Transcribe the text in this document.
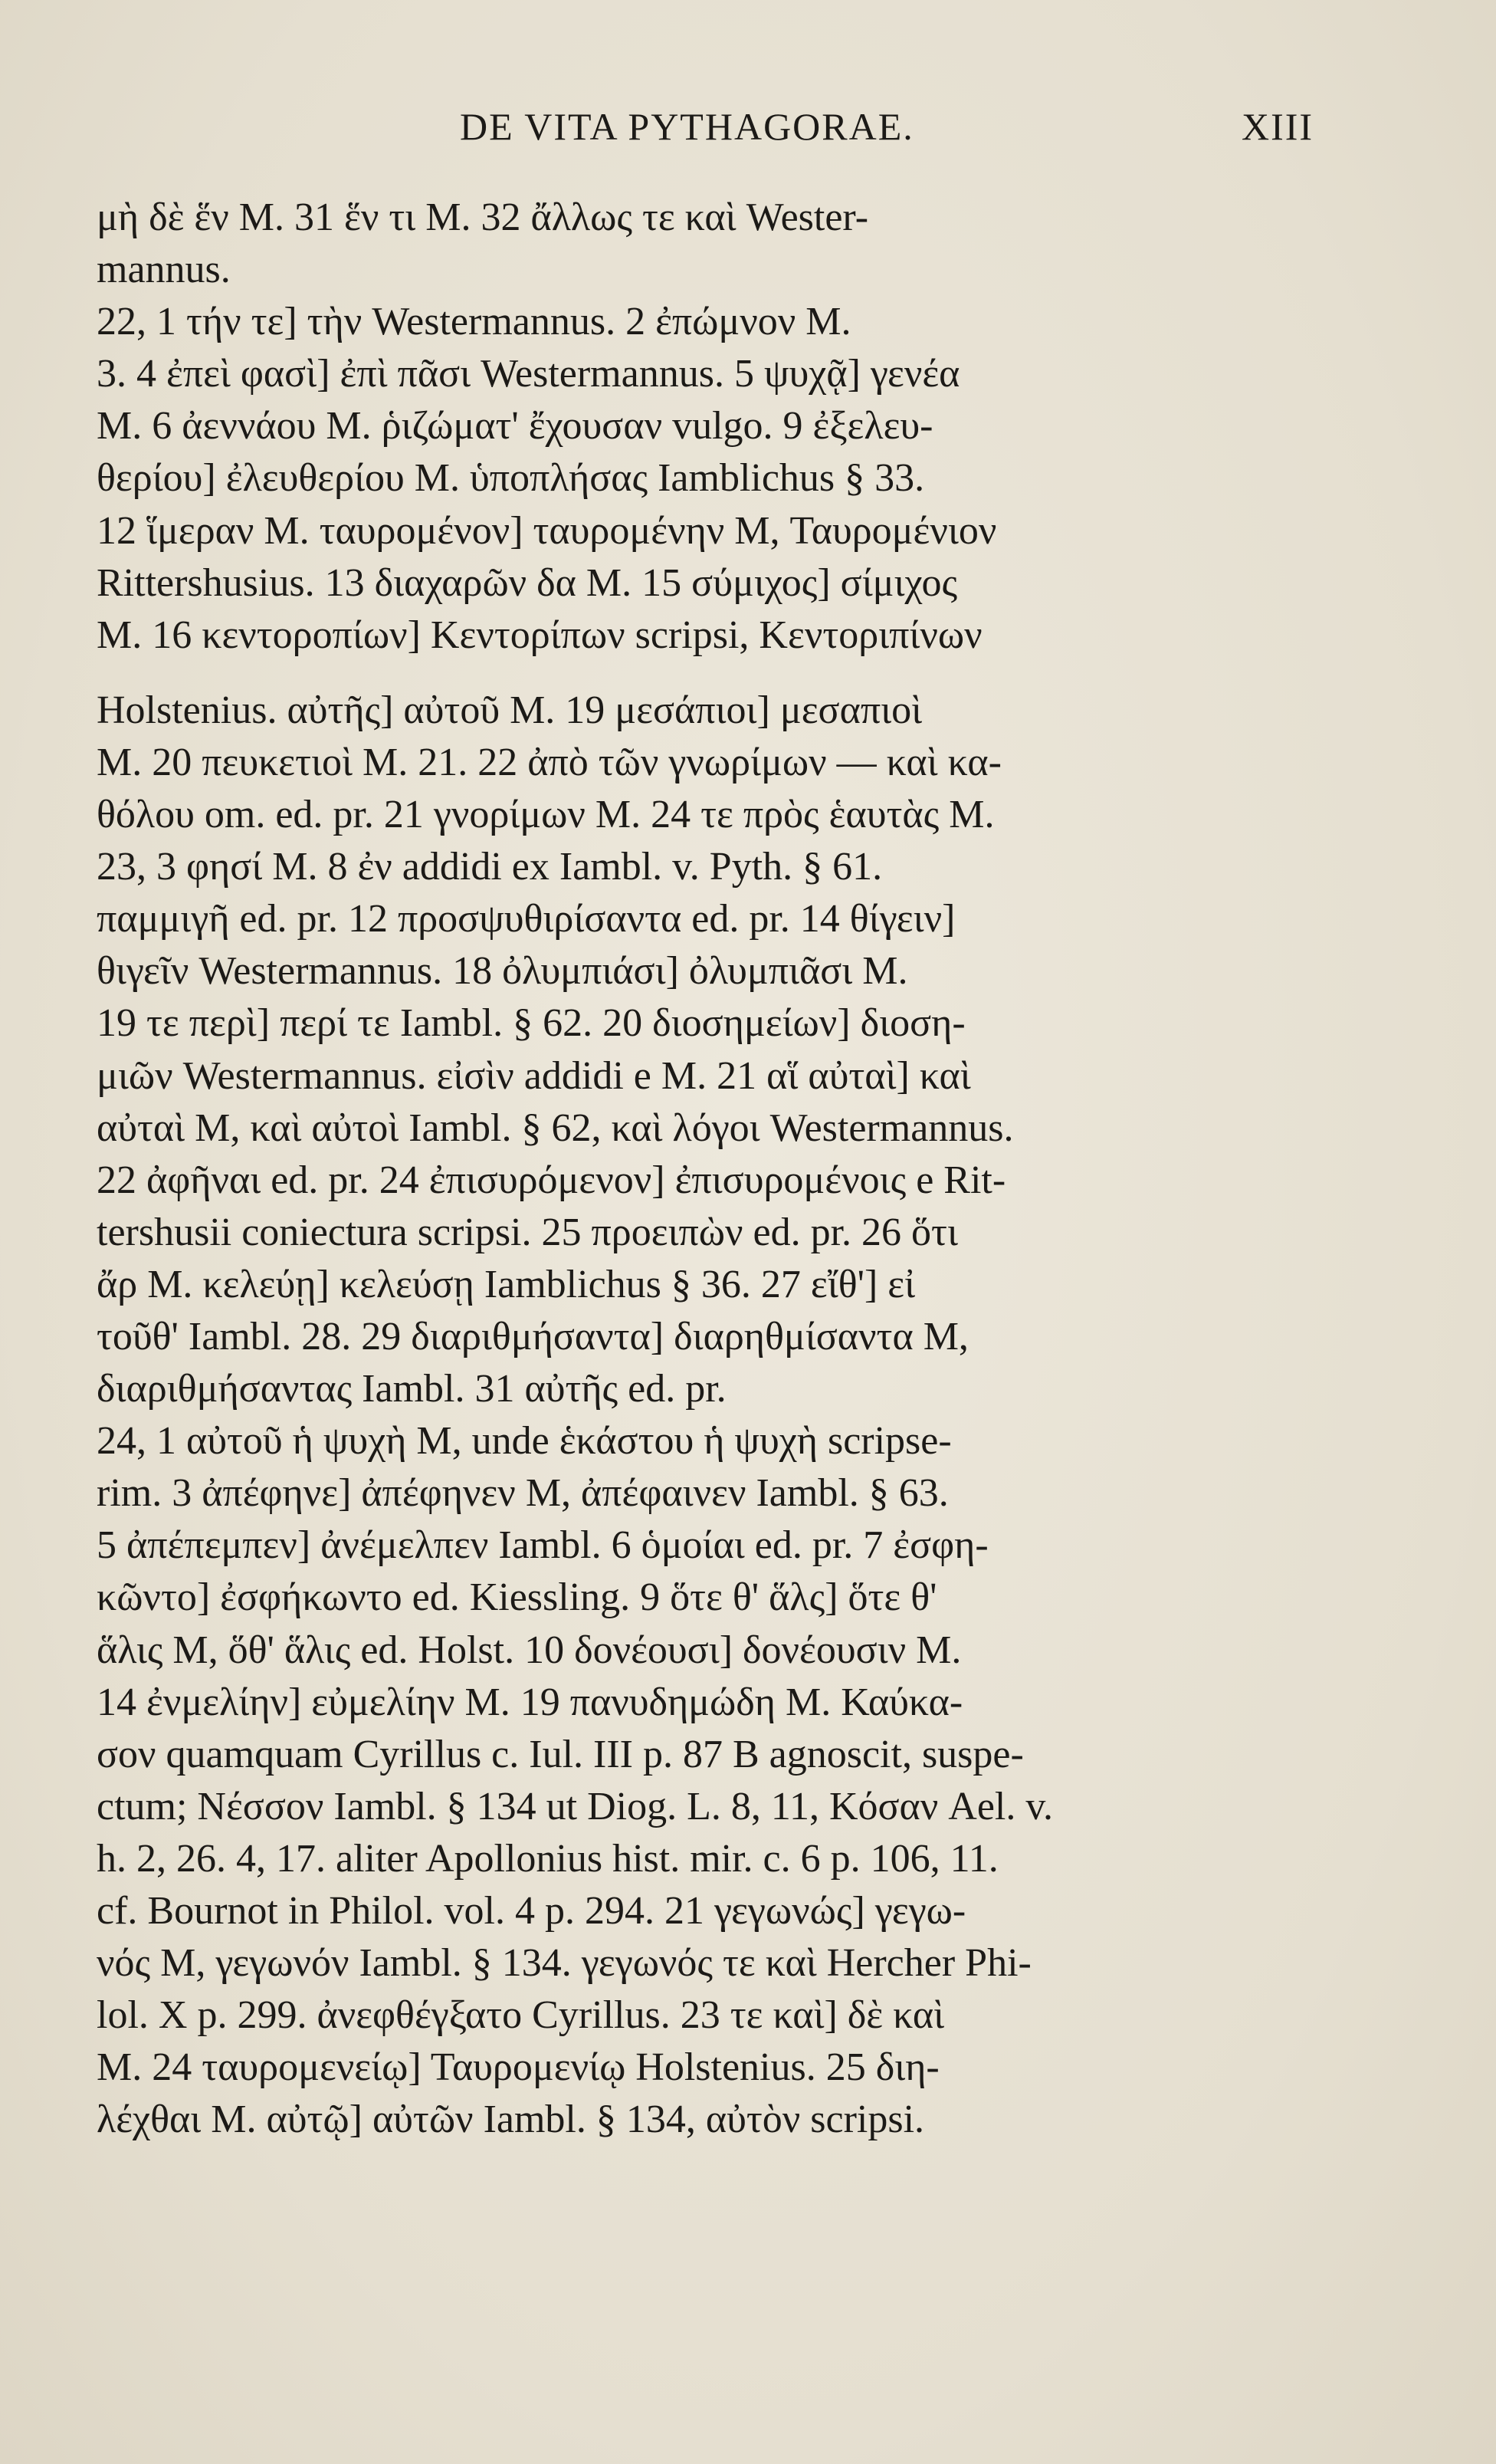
DE VITA PYTHAGORAE.	XIII
μὴ δὲ ἕν M. 31 ἕν τι M. 32 ἄλλως τε καὶ Wester-
mannus.
22, 1 τήν τε] τὴν Westermannus. 2 ἐπώμνον M.
3. 4 ἐπεὶ φασὶ] ἐπὶ πᾶσι Westermannus. 5 ψυχᾷ] γενέα
M. 6 ἀεννάου M. ῥιζώματ' ἔχουσαν vulgo. 9 ἐξελευ-
θερίου] ἐλευθερίου M. ὑποπλήσας Iamblichus § 33.
12 ἵμεραν M. ταυρομένον] ταυρομένην M, Ταυρομένιον
Rittershusius. 13 διαχαρῶν δα M. 15 σύμιχος] σίμιχος
M. 16 κεντοροπίων] Κεντορίπων scripsi, Κεντοριπίνων
Holstenius. αὐτῆς] αὐτοῦ M. 19 μεσάπιοι] μεσαπιοὶ
M. 20 πευκετιοὶ M. 21. 22 ἀπὸ τῶν γνωρίμων — καὶ κα-
θόλου om. ed. pr. 21 γνορίμων M. 24 τε πρὸς ἑαυτὰς M.
23, 3 φησί M. 8 ἐν addidi ex Iambl. v. Pyth. § 61.
παμμιγῆ ed. pr. 12 προσψυθιρίσαντα ed. pr. 14 θίγειν]
θιγεῖν Westermannus. 18 ὀλυμπιάσι] ὀλυμπιᾶσι M.
19 τε περὶ] περί τε Iambl. § 62. 20 διοσημείων] διοση-
μιῶν Westermannus. εἰσὶν addidi e M. 21 αἵ αὐταὶ] καὶ
αὐταὶ M, καὶ αὐτοὶ Iambl. § 62, καὶ λόγοι Westermannus.
22 ἀφῆναι ed. pr. 24 ἐπισυρόμενον] ἐπισυρομένοις e Rit-
tershusii coniectura scripsi. 25 προειπὼν ed. pr. 26 ὅτι
ἄρ M. κελεύῃ] κελεύσῃ Iamblichus § 36. 27 εἴθ'] εἰ
τοῦθ' Iambl. 28. 29 διαριθμήσαντα] διαρηθμίσαντα M,
διαριθμήσαντας Iambl. 31 αὐτῆς ed. pr.
24, 1 αὐτοῦ ἡ ψυχὴ M, unde ἑκάστου ἡ ψυχὴ scripse-
rim. 3 ἀπέφηνε] ἀπέφηνεν M, ἀπέφαινεν Iambl. § 63.
5 ἀπέπεμπεν] ἀνέμελπεν Iambl. 6 ὁμοίαι ed. pr. 7 ἐσφη-
κῶντο] ἐσφήκωντο ed. Kiessling. 9 ὅτε θ' ἅλς] ὅτε θ'
ἅλις M, ὅθ' ἅλις ed. Holst. 10 δονέουσι] δονέουσιν M.
14 ἐνμελίην] εὐμελίην M. 19 πανυδημώδη M. Καύκα-
σον quamquam Cyrillus c. Iul. III p. 87 B agnoscit, suspe-
ctum; Νέσσον Iambl. § 134 ut Diog. L. 8, 11, Κόσαν Ael. v.
h. 2, 26. 4, 17. aliter Apollonius hist. mir. c. 6 p. 106, 11.
cf. Bournot in Philol. vol. 4 p. 294. 21 γεγωνώς] γεγω-
νός M, γεγωνόν Iambl. § 134. γεγωνός τε καὶ Hercher Phi-
lol. X p. 299. ἀνεφθέγξατο Cyrillus. 23 τε καὶ] δὲ καὶ
M. 24 ταυρομενείῳ] Ταυρομενίῳ Holstenius. 25 διη-
λέχθαι M. αὐτῷ] αὐτῶν Iambl. § 134, αὐτὸν scripsi.
